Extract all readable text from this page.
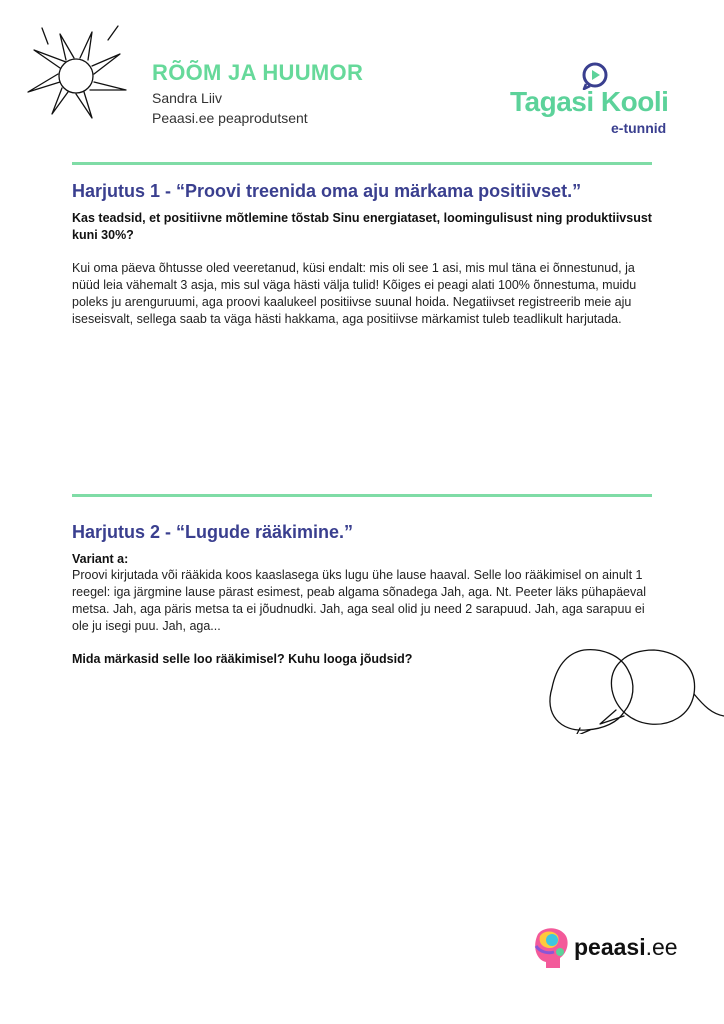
RÕÕM JA HUUMOR
Sandra Liiv
Peaasi.ee peaprodutsent
Tagasi Kooli
e-tunnid
Harjutus 1 - “Proovi treenida oma aju märkama positiivset.”
Kas teadsid, et positiivne mõtlemine tõstab Sinu energiataset, loomingulisust ning produktiivsust kuni 30%?
Kui oma päeva õhtusse oled veeretanud, küsi endalt: mis oli see 1 asi, mis mul täna ei õnnestunud, ja nüüd leia vähemalt 3 asja, mis sul väga hästi välja tulid! Kõiges ei peagi alati 100% õnnestuma, muidu poleks ju arenguruumi, aga proovi kaalukeel positiivse suunal hoida. Negatiivset registreerib meie aju iseseisvalt, sellega saab ta väga hästi hakkama, aga positiivse märkamist tuleb teadlikult harjutada.
Harjutus 2 - “Lugude rääkimine.”
Variant a:
Proovi kirjutada või rääkida koos kaaslasega üks lugu ühe lause haaval. Selle loo rääkimisel on ainult 1 reegel: iga järgmine lause pärast esimest, peab algama sõnadega Jah, aga. Nt. Peeter läks pühapäeval metsa. Jah, aga päris metsa ta ei jõudnudki. Jah, aga seal olid ju need 2 sarapuud. Jah, aga sarapuu ei ole ju isegi puu. Jah, aga...
Mida märkasid selle loo rääkimisel? Kuhu looga jõudsid?
peaasi.ee
